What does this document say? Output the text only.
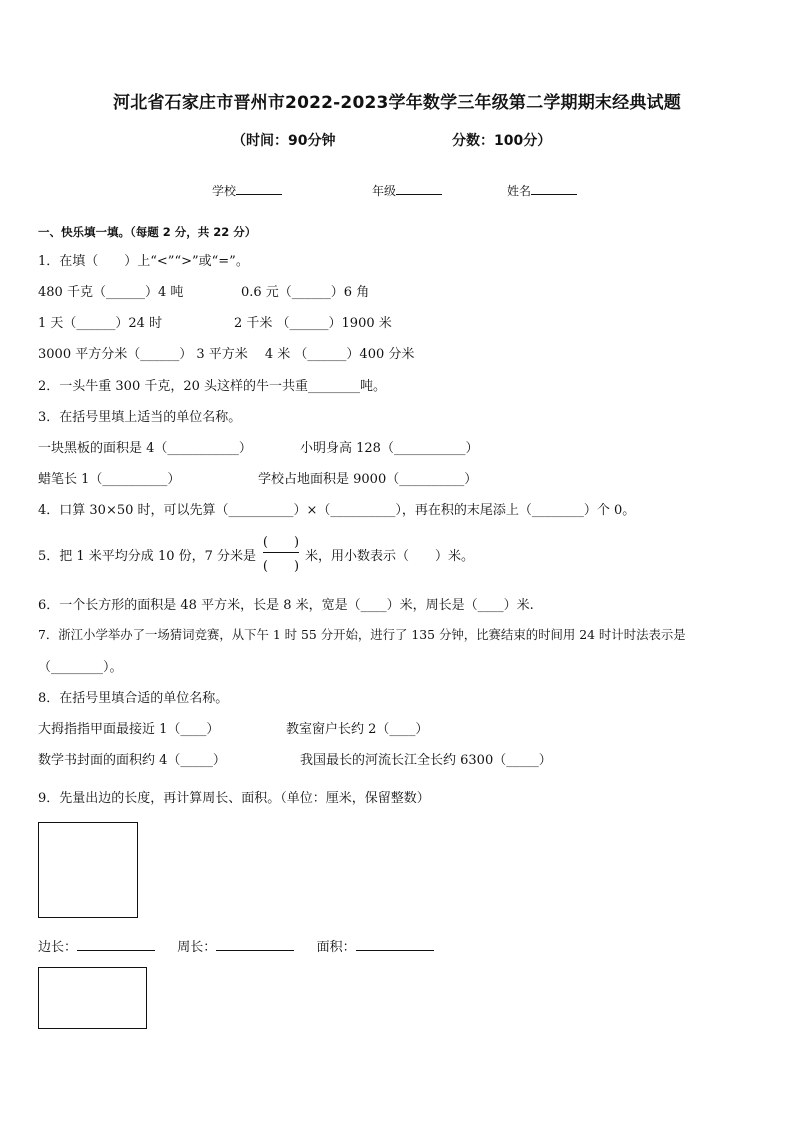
河北省石家庄市晋州市2022-2023学年数学三年级第二学期期末经典试题
（时间：90分钟	分数：100分）
学校	年级	姓名
一、快乐填一填。（每题 2 分，共 22 分）
1．在填（　　）上“<”“>”或“=”。
480 千克（______）4 吨	0.6 元（______）6 角
1 天（______）24 时	2 千米 （______）1900 米
3000 平方分米（______） 3 平方米 　4 米 （______）400 分米
2．一头牛重 300 千克，20 头这样的牛一共重________吨。
3．在括号里填上适当的单位名称。
一块黑板的面积是 4（___________）	小明身高 128（___________）
蜡笔长 1（__________）	学校占地面积是 9000（__________）
4．口算 30×50 时，可以先算（__________）×（__________），再在积的末尾添上（________）个 0。
5．把 1 米平均分成 10 份，7 分米是
(　　)
(　　)
米，用小数表示（　　）米。
6．一个长方形的面积是 48 平方米，长是 8 米，宽是（____）米，周长是（____）米.
7．浙江小学举办了一场猜词竞赛，从下午 1 时 55 分开始，进行了 135 分钟，比赛结束的时间用 24 时计时法表示是
（________）。
8．在括号里填合适的单位名称。
大拇指指甲面最接近 1（____）	教室窗户长约 2（____）
数学书封面的面积约 4（_____）	我国最长的河流长江全长约 6300（_____）
9．先量出边的长度，再计算周长、面积。（单位：厘米，保留整数）
边长：	周长：	面积：
